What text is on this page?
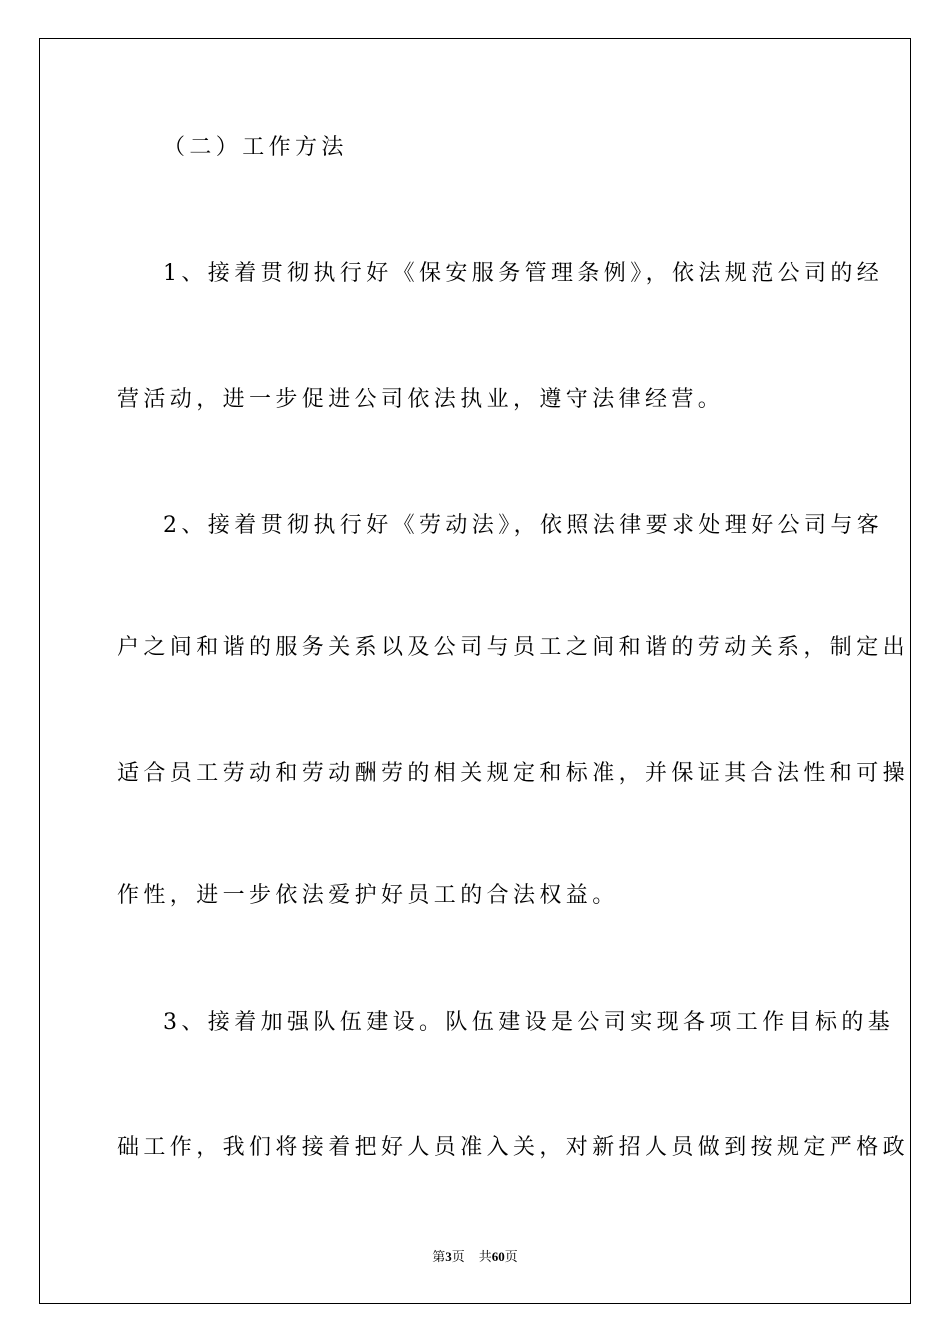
（二）工作方法
1、接着贯彻执行好《保安服务管理条例》，依法规范公司的经
营活动，进一步促进公司依法执业，遵守法律经营。
2、接着贯彻执行好《劳动法》，依照法律要求处理好公司与客
户之间和谐的服务关系以及公司与员工之间和谐的劳动关系，制定出
适合员工劳动和劳动酬劳的相关规定和标准，并保证其合法性和可操
作性，进一步依法爱护好员工的合法权益。
3、接着加强队伍建设。队伍建设是公司实现各项工作目标的基
础工作，我们将接着把好人员准入关，对新招人员做到按规定严格政
第3页 共60页
